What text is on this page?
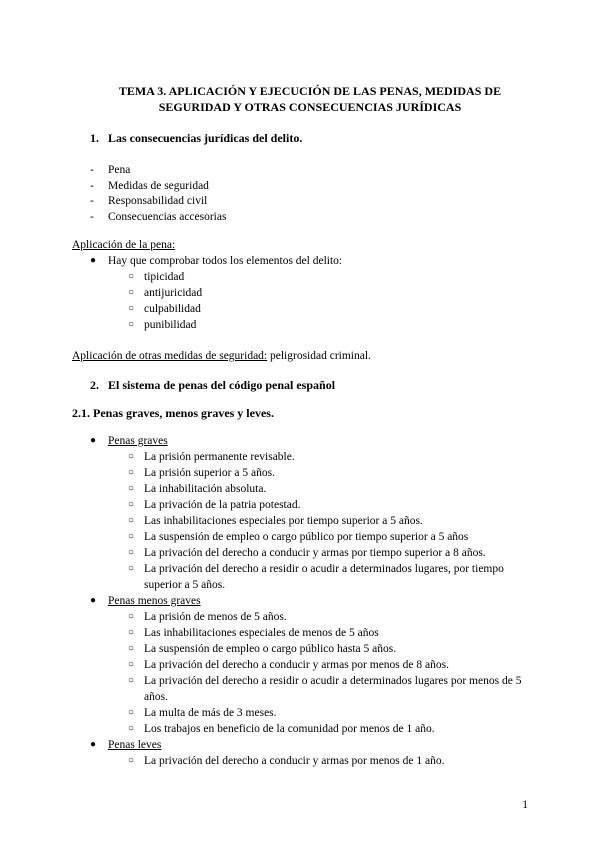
TEMA 3. APLICACIÓN Y EJECUCIÓN DE LAS PENAS, MEDIDAS DE
SEGURIDAD Y OTRAS CONSECUENCIAS JURÍDICAS
1. Las consecuencias jurídicas del delito.
-	Pena
-	Medidas de seguridad
-	Responsabilidad civil
-	Consecuencias accesorias
Aplicación de la pena:
●	Hay que comprobar todos los elementos del delito:
○ tipicidad
○ antijuricidad
○ culpabilidad
○ punibilidad
Aplicación de otras medidas de seguridad: peligrosidad criminal.
2. El sistema de penas del código penal español
2.1. Penas graves, menos graves y leves.
●	Penas graves
○ La prisión permanente revisable.
○ La prisión superior a 5 años.
○ La inhabilitación absoluta.
○ La privación de la patria potestad.
○ Las inhabilitaciones especiales por tiempo superior a 5 años.
○ La suspensión de empleo o cargo público por tiempo superior a 5 años
○ La privación del derecho a conducir y armas por tiempo superior a 8 años.
○ La privación del derecho a residir o acudir a determinados lugares, por tiempo superior a 5 años.
●	Penas menos graves
○ La prisión de menos de 5 años.
○ Las inhabilitaciones especiales de menos de 5 años
○ La suspensión de empleo o cargo público hasta 5 años.
○ La privación del derecho a conducir y armas por menos de 8 años.
○ La privación del derecho a residir o acudir a determinados lugares por menos de 5 años.
○ La multa de más de 3 meses.
○ Los trabajos en beneficio de la comunidad por menos de 1 año.
●	Penas leves
○ La privación del derecho a conducir y armas por menos de 1 año.
1
